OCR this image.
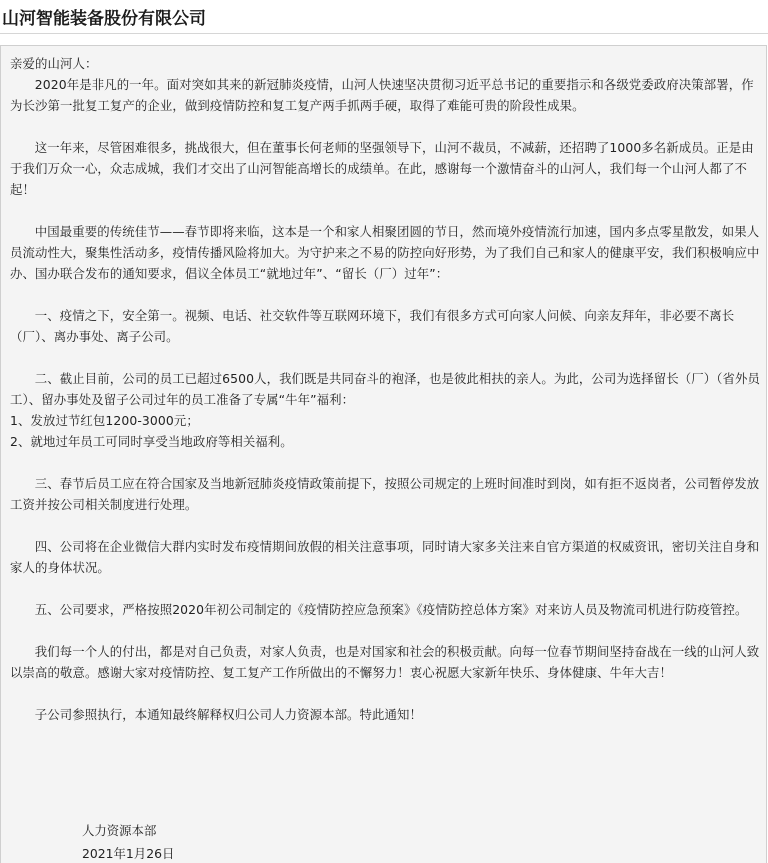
山河智能装备股份有限公司

亲爱的山河人：

2020年是非凡的一年。面对突如其来的新冠肺炎疫情，山河人快速坚决贯彻习近平总书记的重要指示和各级党委政府决策部署，作为长沙第一批复工复产的企业，做到疫情防控和复工复产两手抓两手硬，取得了难能可贵的阶段性成果。

这一年来，尽管困难很多，挑战很大，但在董事长何老师的坚强领导下，山河不裁员，不减薪，还招聘了1000多名新成员。正是由于我们万众一心，众志成城，我们才交出了山河智能高增长的成绩单。在此，感谢每一个激情奋斗的山河人，我们每一个山河人都了不起！

中国最重要的传统佳节——春节即将来临，这本是一个和家人相聚团圆的节日，然而境外疫情流行加速，国内多点零星散发，如果人员流动性大，聚集性活动多，疫情传播风险将加大。为守护来之不易的防控向好形势，为了我们自己和家人的健康平安，我们积极响应中办、国办联合发布的通知要求，倡议全体员工“就地过年”、“留长（厂）过年”：

一、疫情之下，安全第一。视频、电话、社交软件等互联网环境下，我们有很多方式可向家人问候、向亲友拜年，非必要不离长（厂）、离办事处、离子公司。

二、截止目前，公司的员工已超过6500人，我们既是共同奋斗的袍泽，也是彼此相扶的亲人。为此，公司为选择留长（厂）（省外员工）、留办事处及留子公司过年的员工准备了专属“牛年”福利：

1、发放过节红包1200-3000元；

2、就地过年员工可同时享受当地政府等相关福利。

三、春节后员工应在符合国家及当地新冠肺炎疫情政策前提下，按照公司规定的上班时间准时到岗，如有拒不返岗者，公司暂停发放工资并按公司相关制度进行处理。

四、公司将在企业微信大群内实时发布疫情期间放假的相关注意事项，同时请大家多关注来自官方渠道的权威资讯，密切关注自身和家人的身体状况。

五、公司要求，严格按照2020年初公司制定的《疫情防控应急预案》《疫情防控总体方案》对来访人员及物流司机进行防疫管控。

我们每一个人的付出，都是对自己负责，对家人负责，也是对国家和社会的积极贡献。向每一位春节期间坚持奋战在一线的山河人致以崇高的敬意。感谢大家对疫情防控、复工复产工作所做出的不懈努力！衷心祝愿大家新年快乐、身体健康、牛年大吉！

子公司参照执行，本通知最终解释权归公司人力资源本部。特此通知！

人力资源本部
2021年1月26日
